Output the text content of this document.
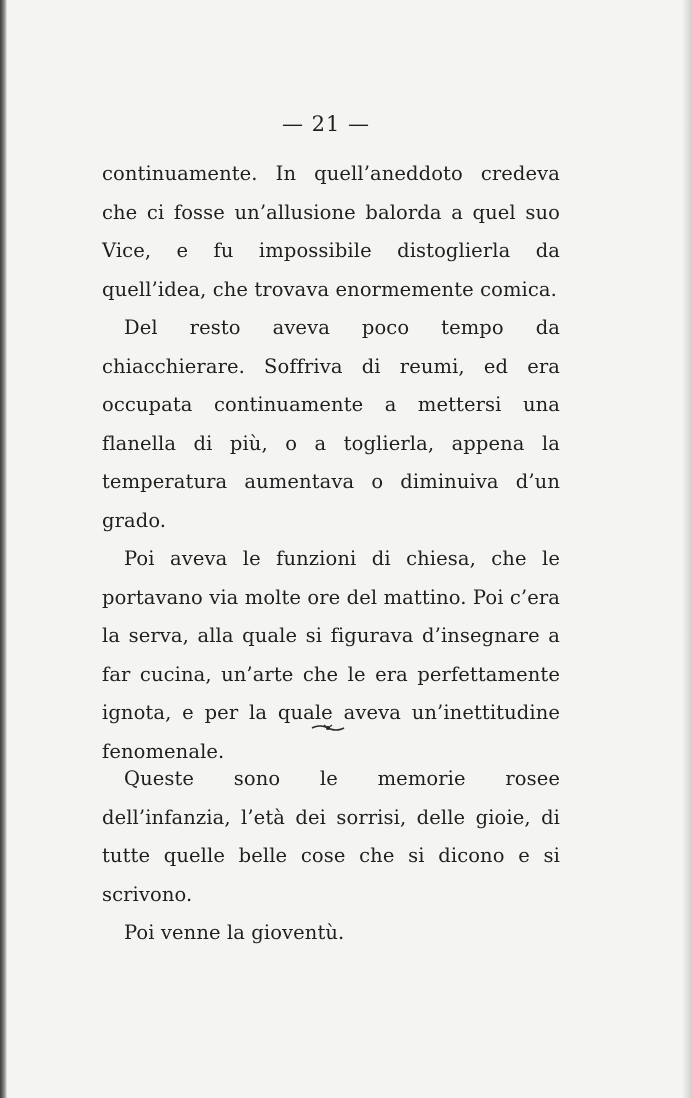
— 21 —

continuamente. In quell’aneddoto credeva che ci fosse un’allusione balorda a quel suo Vice, e fu impossibile distoglierla da quell’idea, che trovava enormemente comica.

Del resto aveva poco tempo da chiacchierare. Soffriva di reumi, ed era occupata continuamente a mettersi una flanella di più, o a toglierla, appena la temperatura aumentava o diminuiva d’un grado.

Poi aveva le funzioni di chiesa, che le portavano via molte ore del mattino. Poi c’era la serva, alla quale si figurava d’insegnare a far cucina, un’arte che le era perfettamente ignota, e per la quale aveva un’inettitudine fenomenale.

Queste sono le memorie rosee dell’infanzia, l’età dei sorrisi, delle gioie, di tutte quelle belle cose che si dicono e si scrivono.

Poi venne la gioventù.
